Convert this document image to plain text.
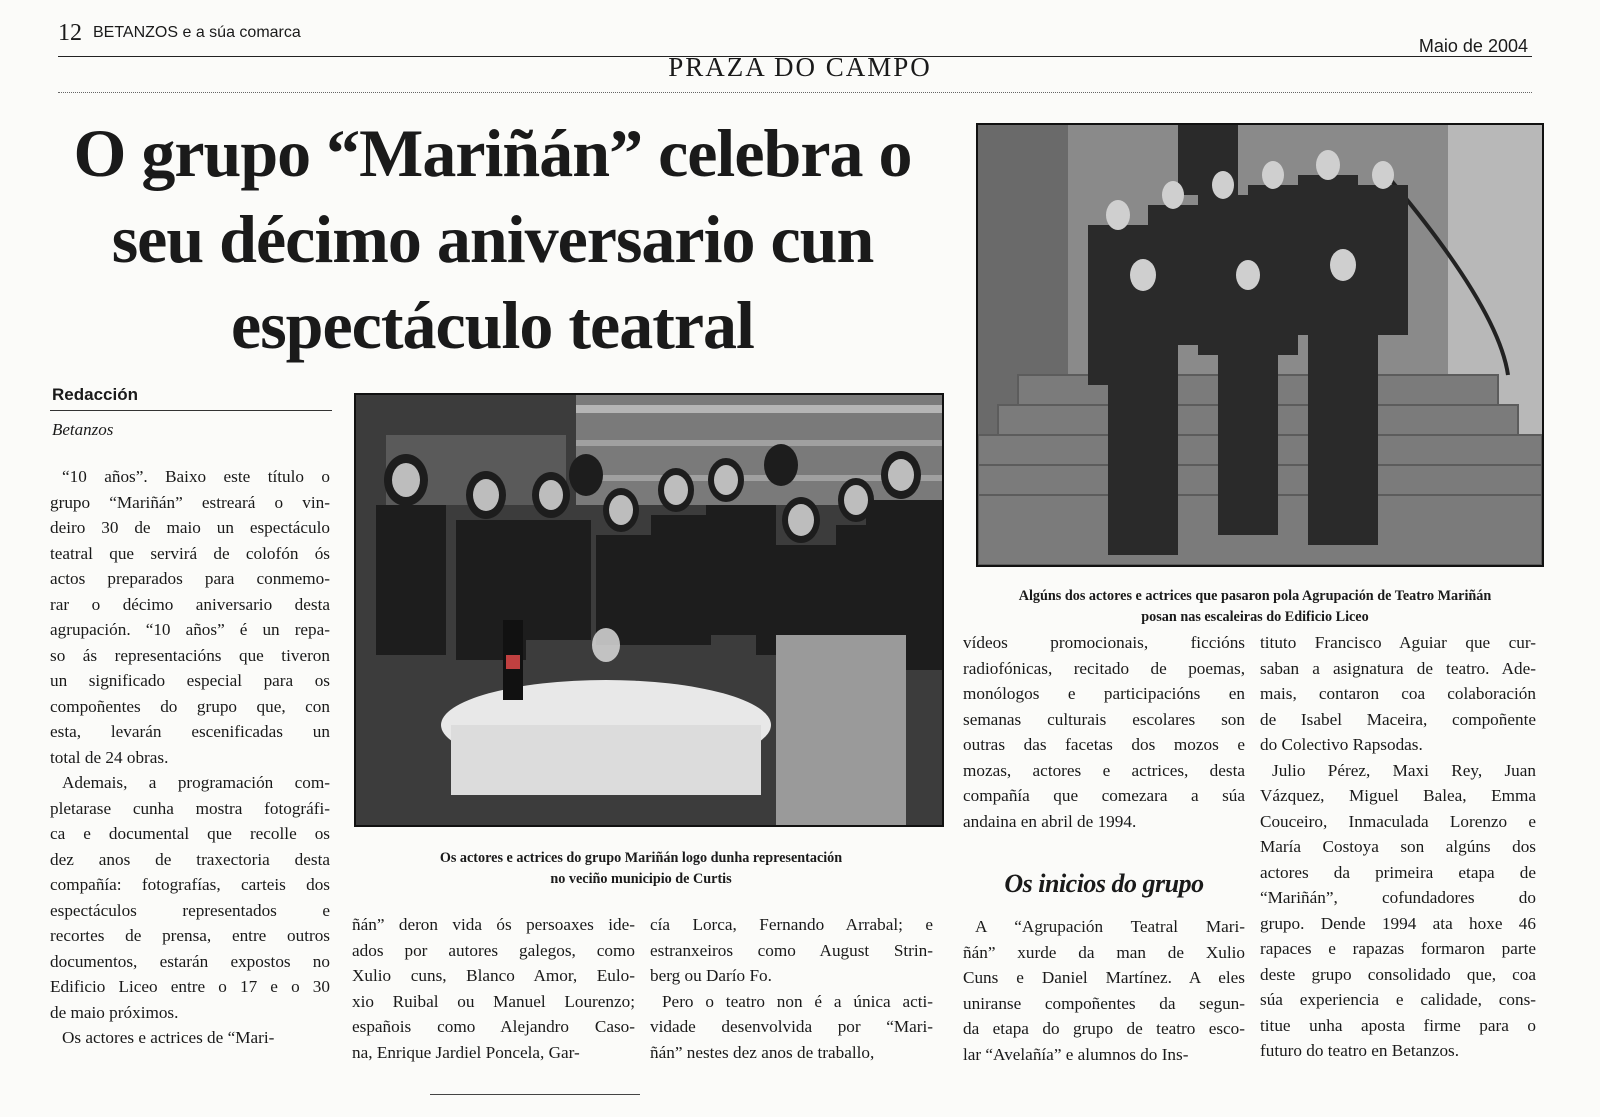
12 BETANZOS e a súa comarca
Maio de 2004
PRAZA DO CAMPO
O grupo “Mariñán” celebra o
seu décimo aniversario cun
espectáculo teatral
Redacción
Betanzos
“10 años”. Baixo este título o
grupo “Mariñán” estreará o vin-
deiro 30 de maio un espectáculo
teatral que servirá de colofón ós
actos preparados para conmemo-
rar o décimo aniversario desta
agrupación. “10 años” é un repa-
so ás representacións que tiveron
un significado especial para os
compoñentes do grupo que, con
esta, levarán escenificadas un
total de 24 obras.
Ademais, a programación com-
pletarase cunha mostra fotográfi-
ca e documental que recolle os
dez anos de traxectoria desta
compañía: fotografías, carteis dos
espectáculos representados e
recortes de prensa, entre outros
documentos, estarán expostos no
Edificio Liceo entre o 17 e o 30
de maio próximos.
Os actores e actrices de “Mari-
Os actores e actrices do grupo Mariñán logo dunha representación
no veciño municipio de Curtis
Algúns dos actores e actrices que pasaron pola Agrupación de Teatro Mariñán
posan nas escaleiras do Edificio Liceo
ñán” deron vida ós persoaxes ide-
ados por autores galegos, como
Xulio cuns, Blanco Amor, Eulo-
xio Ruibal ou Manuel Lourenzo;
españois como Alejandro Caso-
na, Enrique Jardiel Poncela, Gar-
cía Lorca, Fernando Arrabal; e
estranxeiros como August Strin-
berg ou Darío Fo.
Pero o teatro non é a única acti-
vidade desenvolvida por “Mari-
ñán” nestes dez anos de traballo,
vídeos promocionais, ficcións
radiofónicas, recitado de poemas,
monólogos e participacións en
semanas culturais escolares son
outras das facetas dos mozos e
mozas, actores e actrices, desta
compañía que comezara a súa
andaina en abril de 1994.
Os inicios do grupo
A “Agrupación Teatral Mari-
ñán” xurde da man de Xulio
Cuns e Daniel Martínez. A eles
uniranse compoñentes da segun-
da etapa do grupo de teatro esco-
lar “Avelañía” e alumnos do Ins-
tituto Francisco Aguiar que cur-
saban a asignatura de teatro. Ade-
mais, contaron coa colaboración
de Isabel Maceira, compoñente
do Colectivo Rapsodas.
Julio Pérez, Maxi Rey, Juan
Vázquez, Miguel Balea, Emma
Couceiro, Inmaculada Lorenzo e
María Costoya son algúns dos
actores da primeira etapa de
“Mariñán”, cofundadores do
grupo. Dende 1994 ata hoxe 46
rapaces e rapazas formaron parte
deste grupo consolidado que, coa
súa experiencia e calidade, cons-
titue unha aposta firme para o
futuro do teatro en Betanzos.
